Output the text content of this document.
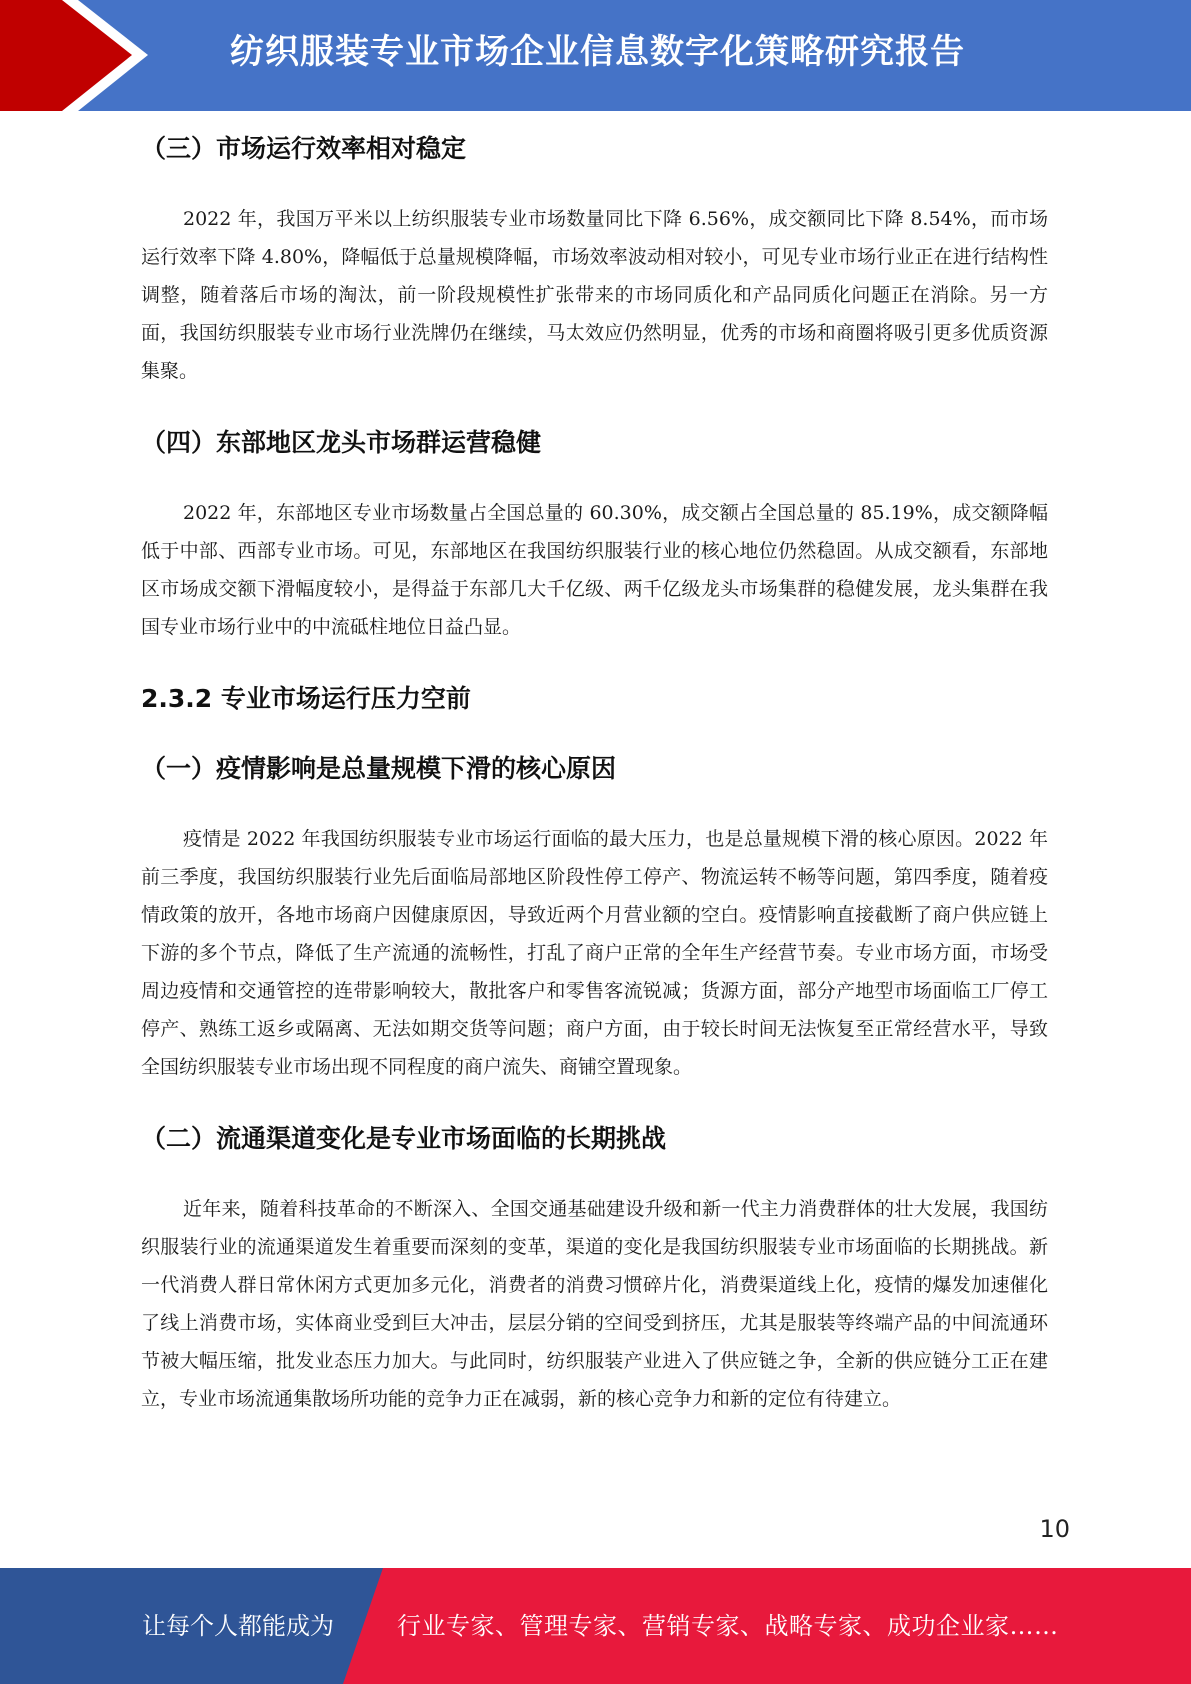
纺织服装专业市场企业信息数字化策略研究报告
（三）市场运行效率相对稳定

2022 年，我国万平米以上纺织服装专业市场数量同比下降 6.56%，成交额同比下降 8.54%，而市场运行效率下降 4.80%，降幅低于总量规模降幅，市场效率波动相对较小，可见专业市场行业正在进行结构性调整，随着落后市场的淘汰，前一阶段规模性扩张带来的市场同质化和产品同质化问题正在消除。另一方面，我国纺织服装专业市场行业洗牌仍在继续，马太效应仍然明显，优秀的市场和商圈将吸引更多优质资源集聚。

（四）东部地区龙头市场群运营稳健

2022 年，东部地区专业市场数量占全国总量的 60.30%，成交额占全国总量的 85.19%，成交额降幅低于中部、西部专业市场。可见，东部地区在我国纺织服装行业的核心地位仍然稳固。从成交额看，东部地区市场成交额下滑幅度较小，是得益于东部几大千亿级、两千亿级龙头市场集群的稳健发展，龙头集群在我国专业市场行业中的中流砥柱地位日益凸显。

2.3.2 专业市场运行压力空前
（一）疫情影响是总量规模下滑的核心原因

疫情是 2022 年我国纺织服装专业市场运行面临的最大压力，也是总量规模下滑的核心原因。2022 年前三季度，我国纺织服装行业先后面临局部地区阶段性停工停产、物流运转不畅等问题，第四季度，随着疫情政策的放开，各地市场商户因健康原因，导致近两个月营业额的空白。疫情影响直接截断了商户供应链上下游的多个节点，降低了生产流通的流畅性，打乱了商户正常的全年生产经营节奏。专业市场方面，市场受周边疫情和交通管控的连带影响较大，散批客户和零售客流锐减；货源方面，部分产地型市场面临工厂停工停产、熟练工返乡或隔离、无法如期交货等问题；商户方面，由于较长时间无法恢复至正常经营水平，导致全国纺织服装专业市场出现不同程度的商户流失、商铺空置现象。

（二）流通渠道变化是专业市场面临的长期挑战

近年来，随着科技革命的不断深入、全国交通基础建设升级和新一代主力消费群体的壮大发展，我国纺织服装行业的流通渠道发生着重要而深刻的变革，渠道的变化是我国纺织服装专业市场面临的长期挑战。新一代消费人群日常休闲方式更加多元化，消费者的消费习惯碎片化，消费渠道线上化，疫情的爆发加速催化了线上消费市场，实体商业受到巨大冲击，层层分销的空间受到挤压，尤其是服装等终端产品的中间流通环节被大幅压缩，批发业态压力加大。与此同时，纺织服装产业进入了供应链之争，全新的供应链分工正在建立，专业市场流通集散场所功能的竞争力正在减弱，新的核心竞争力和新的定位有待建立。

10
让每个人都能成为	行业专家、管理专家、营销专家、战略专家、成功企业家……
